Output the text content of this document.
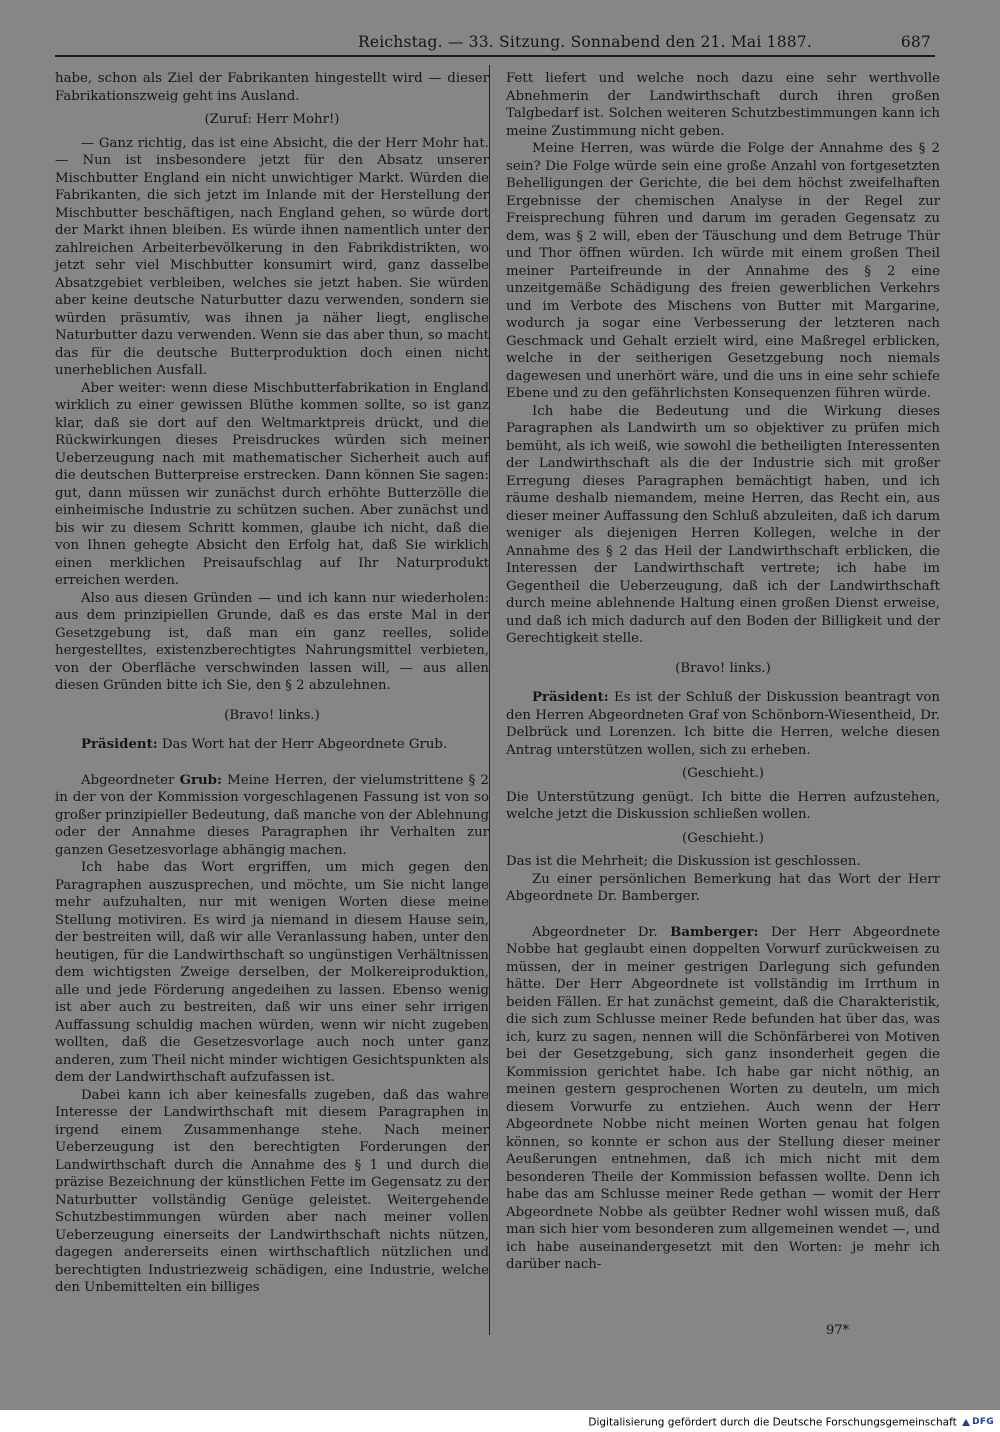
Reichstag. — 33. Sitzung. Sonnabend den 21. Mai 1887.	687

habe, schon als Ziel der Fabrikanten hingestellt wird — dieser Fabrikationszweig geht ins Ausland.

(Zuruf: Herr Mohr!)

— Ganz richtig, das ist eine Absicht, die der Herr Mohr hat. — Nun ist insbesondere jetzt für den Absatz unserer Mischbutter England ein nicht unwichtiger Markt. Würden die Fabrikanten, die sich jetzt im Inlande mit der Herstellung der Mischbutter beschäftigen, nach England gehen, so würde dort der Markt ihnen bleiben. Es würde ihnen namentlich unter der zahlreichen Arbeiterbevölkerung in den Fabrikdistrikten, wo jetzt sehr viel Mischbutter konsumirt wird, ganz dasselbe Absatzgebiet verbleiben, welches sie jetzt haben. Sie würden aber keine deutsche Naturbutter dazu verwenden, sondern sie würden präsumtiv, was ihnen ja näher liegt, englische Naturbutter dazu verwenden. Wenn sie das aber thun, so macht das für die deutsche Butterproduktion doch einen nicht unerheblichen Ausfall.

Aber weiter: wenn diese Mischbutterfabrikation in England wirklich zu einer gewissen Blüthe kommen sollte, so ist ganz klar, daß sie dort auf den Weltmarktpreis drückt, und die Rückwirkungen dieses Preisdruckes würden sich meiner Ueberzeugung nach mit mathematischer Sicherheit auch auf die deutschen Butterpreise erstrecken. Dann können Sie sagen: gut, dann müssen wir zunächst durch erhöhte Butterzölle die einheimische Industrie zu schützen suchen. Aber zunächst und bis wir zu diesem Schritt kommen, glaube ich nicht, daß die von Ihnen gehegte Absicht den Erfolg hat, daß Sie wirklich einen merklichen Preisaufschlag auf Ihr Naturprodukt erreichen werden.

Also aus diesen Gründen — und ich kann nur wiederholen: aus dem prinzipiellen Grunde, daß es das erste Mal in der Gesetzgebung ist, daß man ein ganz reelles, solide hergestelltes, existenzberechtigtes Nahrungsmittel verbieten, von der Oberfläche verschwinden lassen will, — aus allen diesen Gründen bitte ich Sie, den § 2 abzulehnen.

(Bravo! links.)

Präsident: Das Wort hat der Herr Abgeordnete Grub.

Abgeordneter Grub: Meine Herren, der vielumstrittene § 2 in der von der Kommission vorgeschlagenen Fassung ist von so großer prinzipieller Bedeutung, daß manche von der Ablehnung oder der Annahme dieses Paragraphen ihr Verhalten zur ganzen Gesetzesvorlage abhängig machen.

Ich habe das Wort ergriffen, um mich gegen den Paragraphen auszusprechen, und möchte, um Sie nicht lange mehr aufzuhalten, nur mit wenigen Worten diese meine Stellung motiviren. Es wird ja niemand in diesem Hause sein, der bestreiten will, daß wir alle Veranlassung haben, unter den heutigen, für die Landwirthschaft so ungünstigen Verhältnissen dem wichtigsten Zweige derselben, der Molkereiproduktion, alle und jede Förderung angedeihen zu lassen. Ebenso wenig ist aber auch zu bestreiten, daß wir uns einer sehr irrigen Auffassung schuldig machen würden, wenn wir nicht zugeben wollten, daß die Gesetzesvorlage auch noch unter ganz anderen, zum Theil nicht minder wichtigen Gesichtspunkten als dem der Landwirthschaft aufzufassen ist.

Dabei kann ich aber keinesfalls zugeben, daß das wahre Interesse der Landwirthschaft mit diesem Paragraphen in irgend einem Zusammenhange stehe. Nach meiner Ueberzeugung ist den berechtigten Forderungen der Landwirthschaft durch die Annahme des § 1 und durch die präzise Bezeichnung der künstlichen Fette im Gegensatz zu der Naturbutter vollständig Genüge geleistet. Weitergehende Schutzbestimmungen würden aber nach meiner vollen Ueberzeugung einerseits der Landwirthschaft nichts nützen, dagegen andererseits einen wirthschaftlich nützlichen und berechtigten Industriezweig schädigen, eine Industrie, welche den Unbemittelten ein billiges

Fett liefert und welche noch dazu eine sehr werthvolle Abnehmerin der Landwirthschaft durch ihren großen Talgbedarf ist. Solchen weiteren Schutzbestimmungen kann ich meine Zustimmung nicht geben.

Meine Herren, was würde die Folge der Annahme des § 2 sein? Die Folge würde sein eine große Anzahl von fortgesetzten Behelligungen der Gerichte, die bei dem höchst zweifelhaften Ergebnisse der chemischen Analyse in der Regel zur Freisprechung führen und darum im geraden Gegensatz zu dem, was § 2 will, eben der Täuschung und dem Betruge Thür und Thor öffnen würden. Ich würde mit einem großen Theil meiner Parteifreunde in der Annahme des § 2 eine unzeitgemäße Schädigung des freien gewerblichen Verkehrs und im Verbote des Mischens von Butter mit Margarine, wodurch ja sogar eine Verbesserung der letzteren nach Geschmack und Gehalt erzielt wird, eine Maßregel erblicken, welche in der seitherigen Gesetzgebung noch niemals dagewesen und unerhört wäre, und die uns in eine sehr schiefe Ebene und zu den gefährlichsten Konsequenzen führen würde.

Ich habe die Bedeutung und die Wirkung dieses Paragraphen als Landwirth um so objektiver zu prüfen mich bemüht, als ich weiß, wie sowohl die betheiligten Interessenten der Landwirthschaft als die der Industrie sich mit großer Erregung dieses Paragraphen bemächtigt haben, und ich räume deshalb niemandem, meine Herren, das Recht ein, aus dieser meiner Auffassung den Schluß abzuleiten, daß ich darum weniger als diejenigen Herren Kollegen, welche in der Annahme des § 2 das Heil der Landwirthschaft erblicken, die Interessen der Landwirthschaft vertrete; ich habe im Gegentheil die Ueberzeugung, daß ich der Landwirthschaft durch meine ablehnende Haltung einen großen Dienst erweise, und daß ich mich dadurch auf den Boden der Billigkeit und der Gerechtigkeit stelle.

(Bravo! links.)

Präsident: Es ist der Schluß der Diskussion beantragt von den Herren Abgeordneten Graf von Schönborn-Wiesentheid, Dr. Delbrück und Lorenzen. Ich bitte die Herren, welche diesen Antrag unterstützen wollen, sich zu erheben.

(Geschieht.)

Die Unterstützung genügt. Ich bitte die Herren aufzustehen, welche jetzt die Diskussion schließen wollen.

(Geschieht.)

Das ist die Mehrheit; die Diskussion ist geschlossen.

Zu einer persönlichen Bemerkung hat das Wort der Herr Abgeordnete Dr. Bamberger.

Abgeordneter Dr. Bamberger: Der Herr Abgeordnete Nobbe hat geglaubt einen doppelten Vorwurf zurückweisen zu müssen, der in meiner gestrigen Darlegung sich gefunden hätte. Der Herr Abgeordnete ist vollständig im Irrthum in beiden Fällen. Er hat zunächst gemeint, daß die Charakteristik, die sich zum Schlusse meiner Rede befunden hat über das, was ich, kurz zu sagen, nennen will die Schönfärberei von Motiven bei der Gesetzgebung, sich ganz insonderheit gegen die Kommission gerichtet habe. Ich habe gar nicht nöthig, an meinen gestern gesprochenen Worten zu deuteln, um mich diesem Vorwurfe zu entziehen. Auch wenn der Herr Abgeordnete Nobbe nicht meinen Worten genau hat folgen können, so konnte er schon aus der Stellung dieser meiner Aeußerungen entnehmen, daß ich mich nicht mit dem besonderen Theile der Kommission befassen wollte. Denn ich habe das am Schlusse meiner Rede gethan — womit der Herr Abgeordnete Nobbe als geübter Redner wohl wissen muß, daß man sich hier vom besonderen zum allgemeinen wendet —, und ich habe auseinandergesetzt mit den Worten: je mehr ich darüber nach-

97*
Digitalisierung gefördert durch die Deutsche Forschungsgemeinschaft DFG
